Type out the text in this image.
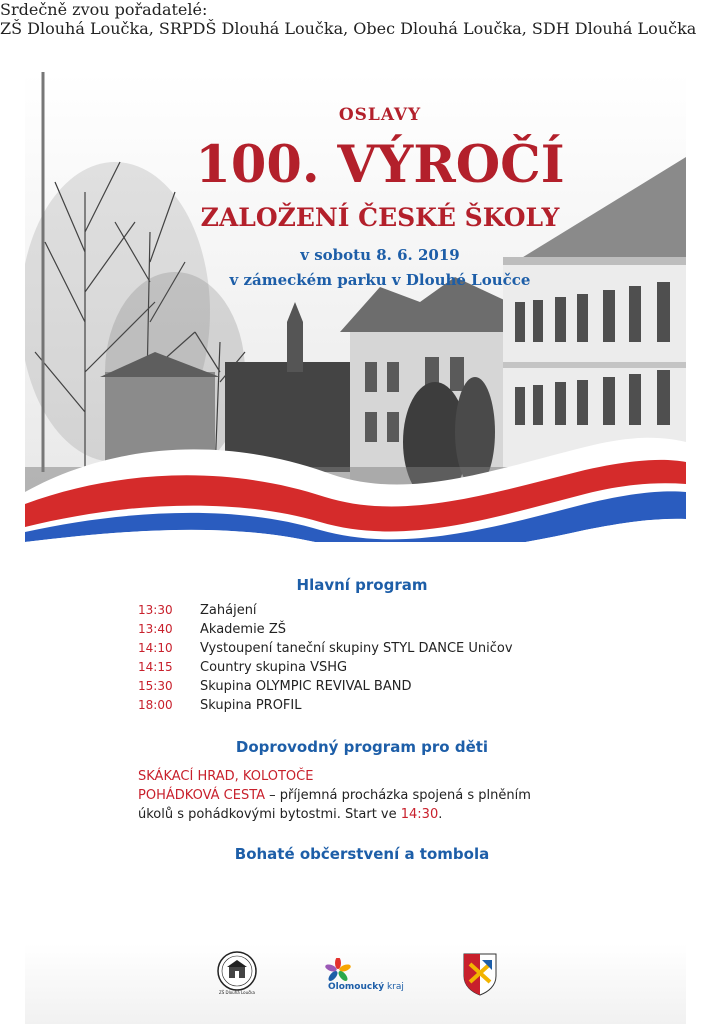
OSLAVY
100. VÝROČÍ
ZALOŽENÍ ČESKÉ ŠKOLY
v sobotu 8. 6. 2019
v zámeckém parku v Dlouhé Loučce
Hlavní program
13:30	Zahájení
13:40	Akademie ZŠ
14:10	Vystoupení taneční skupiny STYL DANCE Uničov
14:15	Country skupina VSHG
15:30	Skupina OLYMPIC REVIVAL BAND
18:00	Skupina PROFIL
Doprovodný program pro děti
SKÁKACÍ HRAD, KOLOTOČE
POHÁDKOVÁ CESTA – příjemná procházka spojená s plněním
úkolů s pohádkovými bytostmi. Start ve 14:30.
Bohaté občerstvení a tombola
Srdečně zvou pořadatelé:
ZŠ Dlouhá Loučka, SRPDŠ Dlouhá Loučka, Obec Dlouhá Loučka, SDH Dlouhá Loučka
ZŠ Dlouhá Loučka
Olomoucký kraj
